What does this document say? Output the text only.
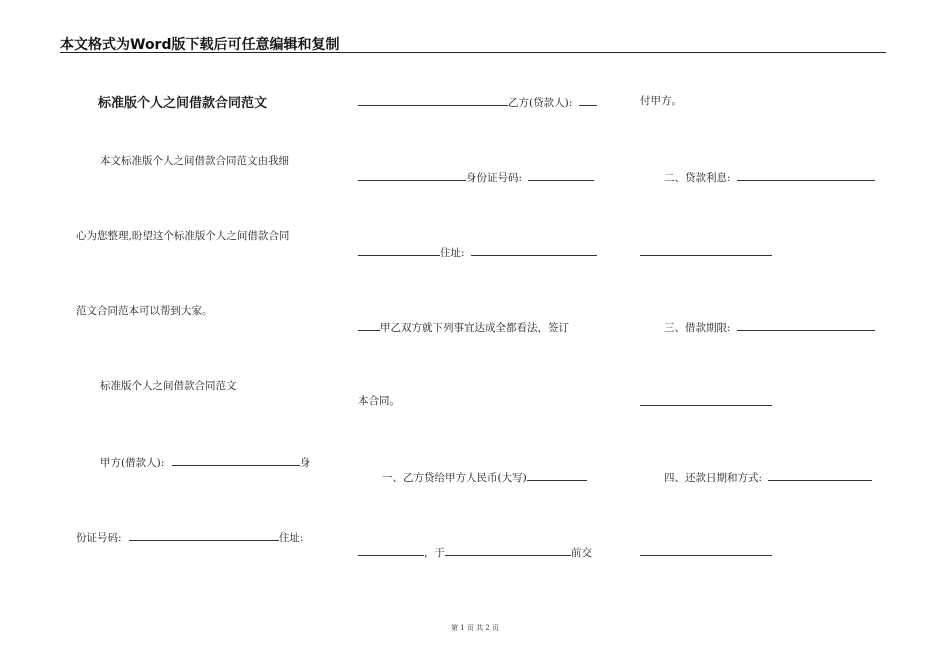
本文格式为Word版下载后可任意编辑和复制
标准版个人之间借款合同范文
本文标准版个人之间借款合同范文由我细
心为您整理,盼望这个标准版个人之间借款合同
范文合同范本可以帮到大家。
标准版个人之间借款合同范文
甲方(借款人):	身
份证号码:	住址:
乙方(贷款人):
身份证号码:
住址:
甲乙双方就下列事宜达成全都看法，签订
本合同。
一、乙方贷给甲方人民币(大写)
，于	前交
付甲方。
二、贷款利息:
三、借款期限:
四、还款日期和方式:
第 1 页 共 2 页
